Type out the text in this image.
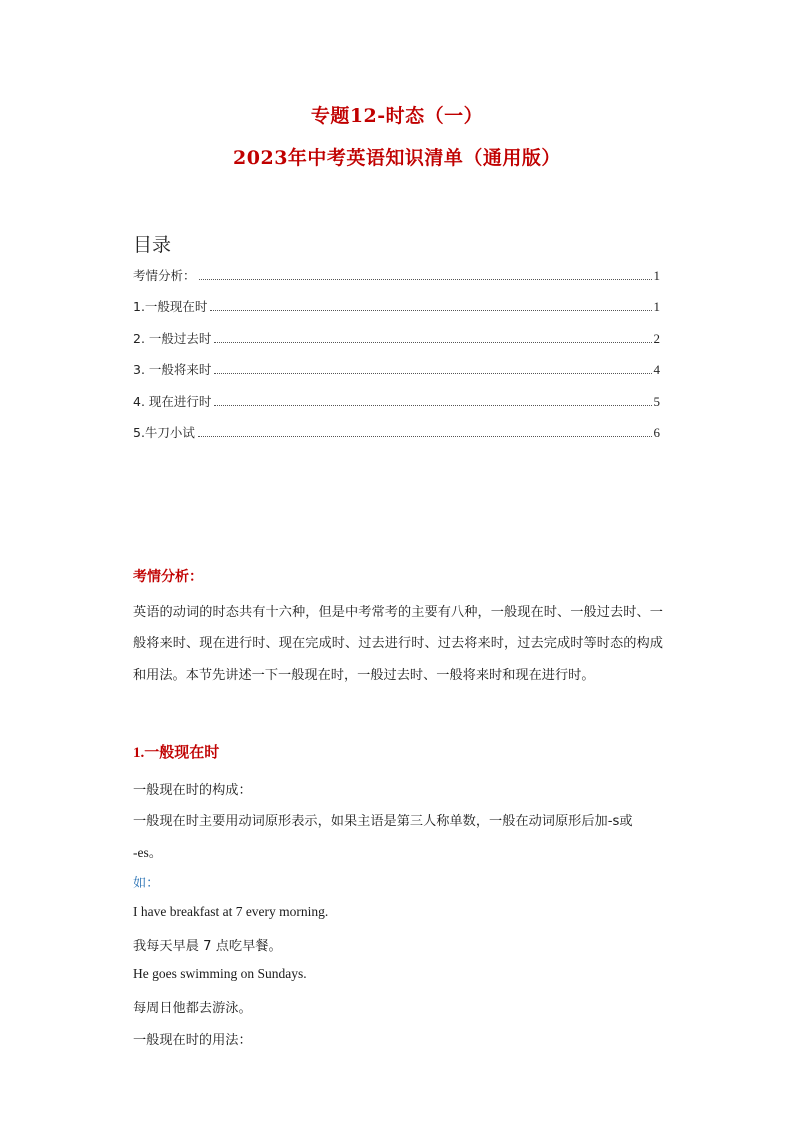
专题12-时态（一）
2023年中考英语知识清单（通用版）
目录
考情分析：	1
1.一般现在时	1
2. 一般过去时	2
3. 一般将来时	4
4. 现在进行时	5
5.牛刀小试	6
考情分析：
英语的动词的时态共有十六种，但是中考常考的主要有八种，一般现在时、一般过去时、一般将来时、现在进行时、现在完成时、过去进行时、过去将来时，过去完成时等时态的构成和用法。本节先讲述一下一般现在时，一般过去时、一般将来时和现在进行时。
1.一般现在时
一般现在时的构成：
一般现在时主要用动词原形表示，如果主语是第三人称单数，一般在动词原形后加-s或
-es。
如：
I have breakfast at 7 every morning.
我每天早晨 7 点吃早餐。
He goes swimming on Sundays.
每周日他都去游泳。
一般现在时的用法：
